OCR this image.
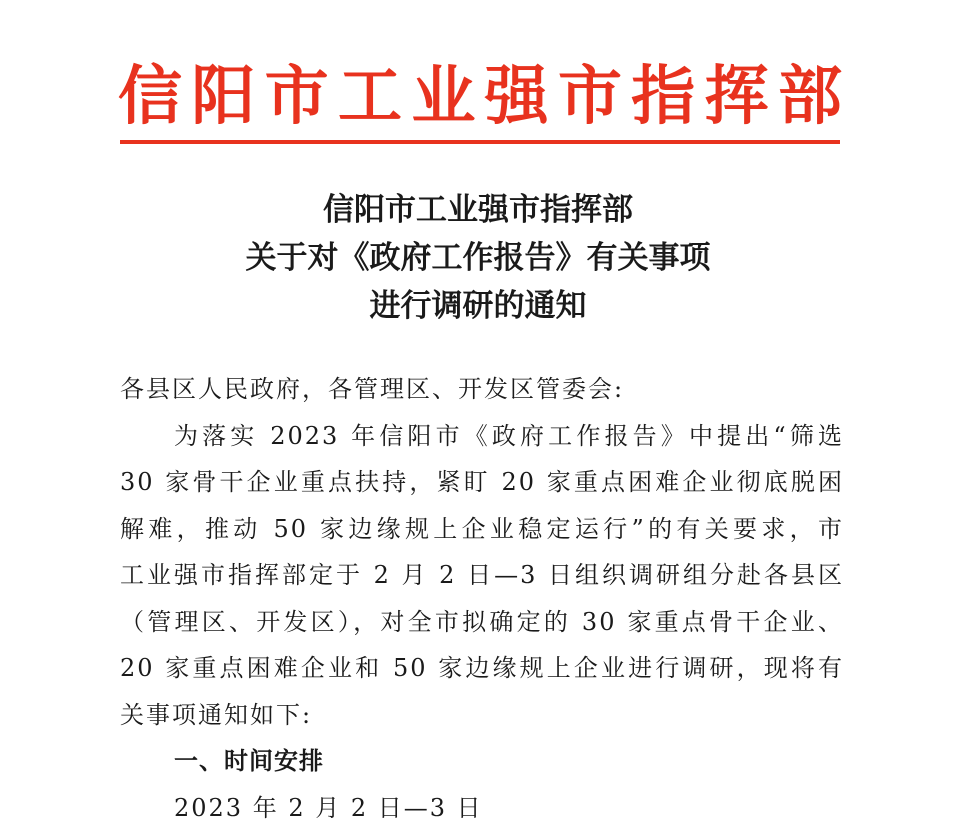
信 阳 市 工 业 强 市 指 挥 部
信阳市工业强市指挥部
关于对《政府工作报告》有关事项
进行调研的通知
各县区人民政府，各管理区、开发区管委会:
为落实 2023 年信阳市《政府工作报告》中提出“筛选
30 家骨干企业重点扶持，紧盯 20 家重点困难企业彻底脱困
解难，推动 50 家边缘规上企业稳定运行”的有关要求，市
工业强市指挥部定于 2 月 2 日—3 日组织调研组分赴各县区
（管理区、开发区），对全市拟确定的 30 家重点骨干企业、
20 家重点困难企业和 50 家边缘规上企业进行调研，现将有
关事项通知如下:
一、时间安排
2023 年 2 月 2 日—3 日
